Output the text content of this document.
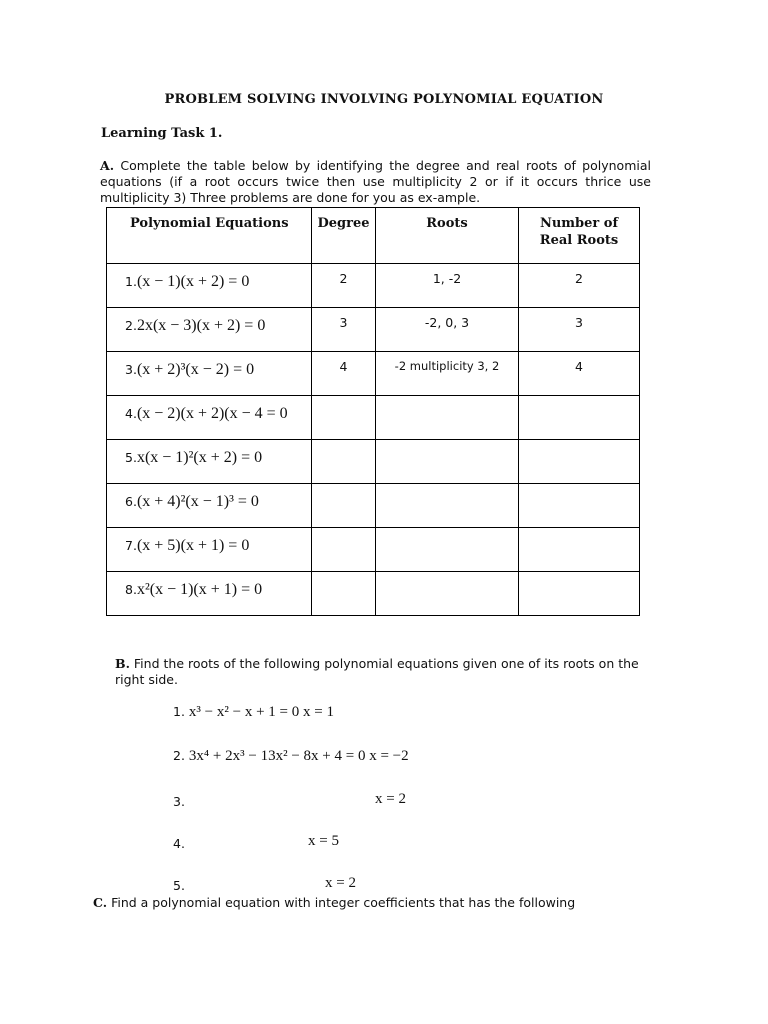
PROBLEM SOLVING INVOLVING POLYNOMIAL EQUATION
Learning Task 1.
A. Complete the table below by identifying the degree and real roots of polynomial equations (if a root occurs twice then use multiplicity 2 or if it occurs thrice use multiplicity 3) Three problems are done for you as ex-ample.
Polynomial Equations	Degree	Roots	Number of
Real Roots
1.(x − 1)(x + 2) = 0	2	1, -2	2
2.2x(x − 3)(x + 2) = 0	3	-2, 0, 3	3
3.(x + 2)³(x − 2) = 0	4	-2 multiplicity 3, 2	4
4.(x − 2)(x + 2)(x − 4 = 0			
5.x(x − 1)²(x + 2) = 0			
6.(x + 4)²(x − 1)³ = 0			
7.(x + 5)(x + 1) = 0			
8.x²(x − 1)(x + 1) = 0			
B. Find the roots of the following polynomial equations given one of its roots on the right side.
1. x³ − x² − x + 1 = 0 x = 1
2. 3x⁴ + 2x³ − 13x² − 8x + 4 = 0 x = −2
3.	x = 2
4.	x = 5
5.	x = 2
C. Find a polynomial equation with integer coefficients that has the following
